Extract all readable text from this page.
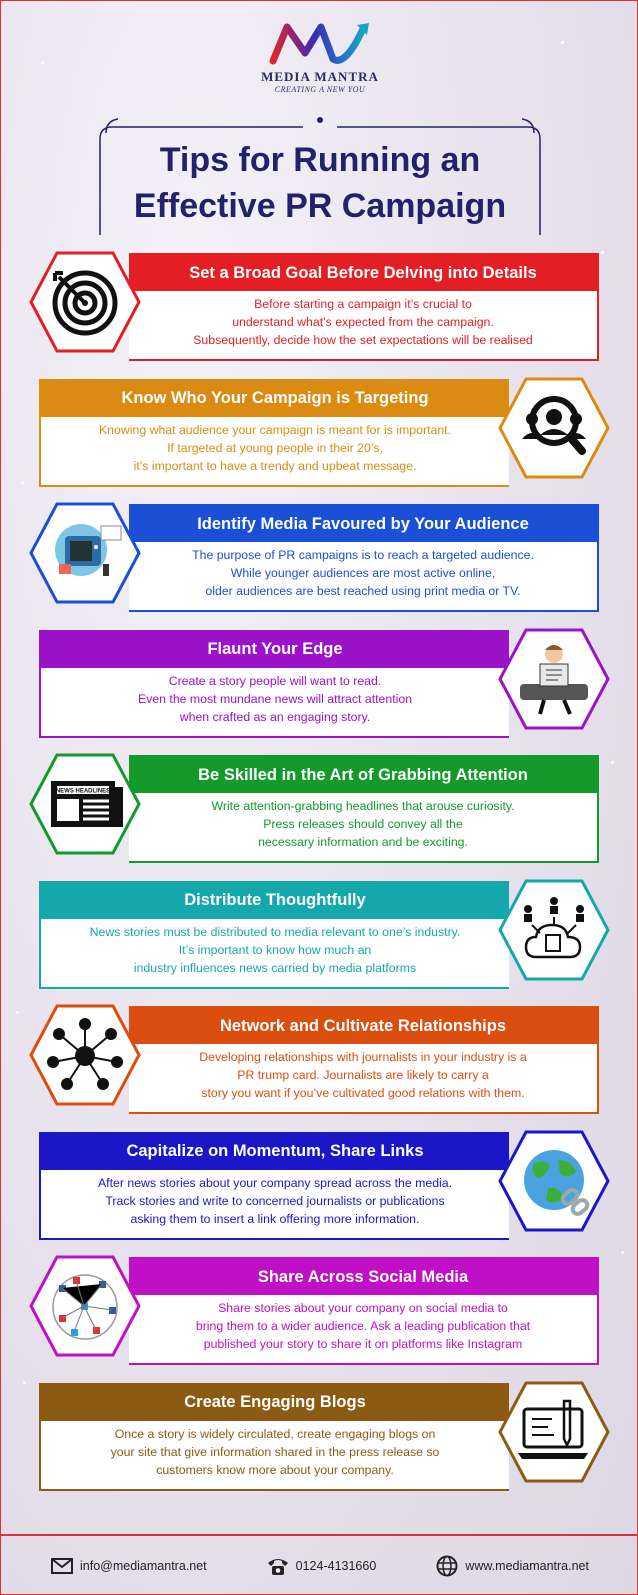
MEDIA MANTRA
CREATING A NEW YOU
Tips for Running an
Effective PR Campaign
Set a Broad Goal Before Delving into Details
Before starting a campaign it’s crucial to
understand what’s expected from the campaign.
Subsequently, decide how the set expectations will be realised
Know Who Your Campaign is Targeting
Knowing what audience your campaign is meant for is important.
If targeted at young people in their 20’s,
it’s important to have a trendy and upbeat message.
Identify Media Favoured by Your Audience
The purpose of PR campaigns is to reach a targeted audience.
While younger audiences are most active online,
older audiences are best reached using print media or TV.
Flaunt Your Edge
Create a story people will want to read.
Even the most mundane news will attract attention
when crafted as an engaging story.
Be Skilled in the Art of Grabbing Attention
Write attention-grabbing headlines that arouse curiosity.
Press releases should convey all the
necessary information and be exciting.
NEWS HEADLINES
Distribute Thoughtfully
News stories must be distributed to media relevant to one’s industry.
It’s important to know how much an
industry influences news carried by media platforms
Network and Cultivate Relationships
Developing relationships with journalists in your industry is a
PR trump card. Journalists are likely to carry a
story you want if you’ve cultivated good relations with them.
Capitalize on Momentum, Share Links
After news stories about your company spread across the media.
Track stories and write to concerned journalists or publications
asking them to insert a link offering more information.
Share Across Social Media
Share stories about your company on social media to
bring them to a wider audience. Ask a leading publication that
published your story to share it on platforms like Instagram
Create Engaging Blogs
Once a story is widely circulated, create engaging blogs on
your site that give information shared in the press release so
customers know more about your company.
info@mediamantra.net	0124-4131660	www.mediamantra.net
